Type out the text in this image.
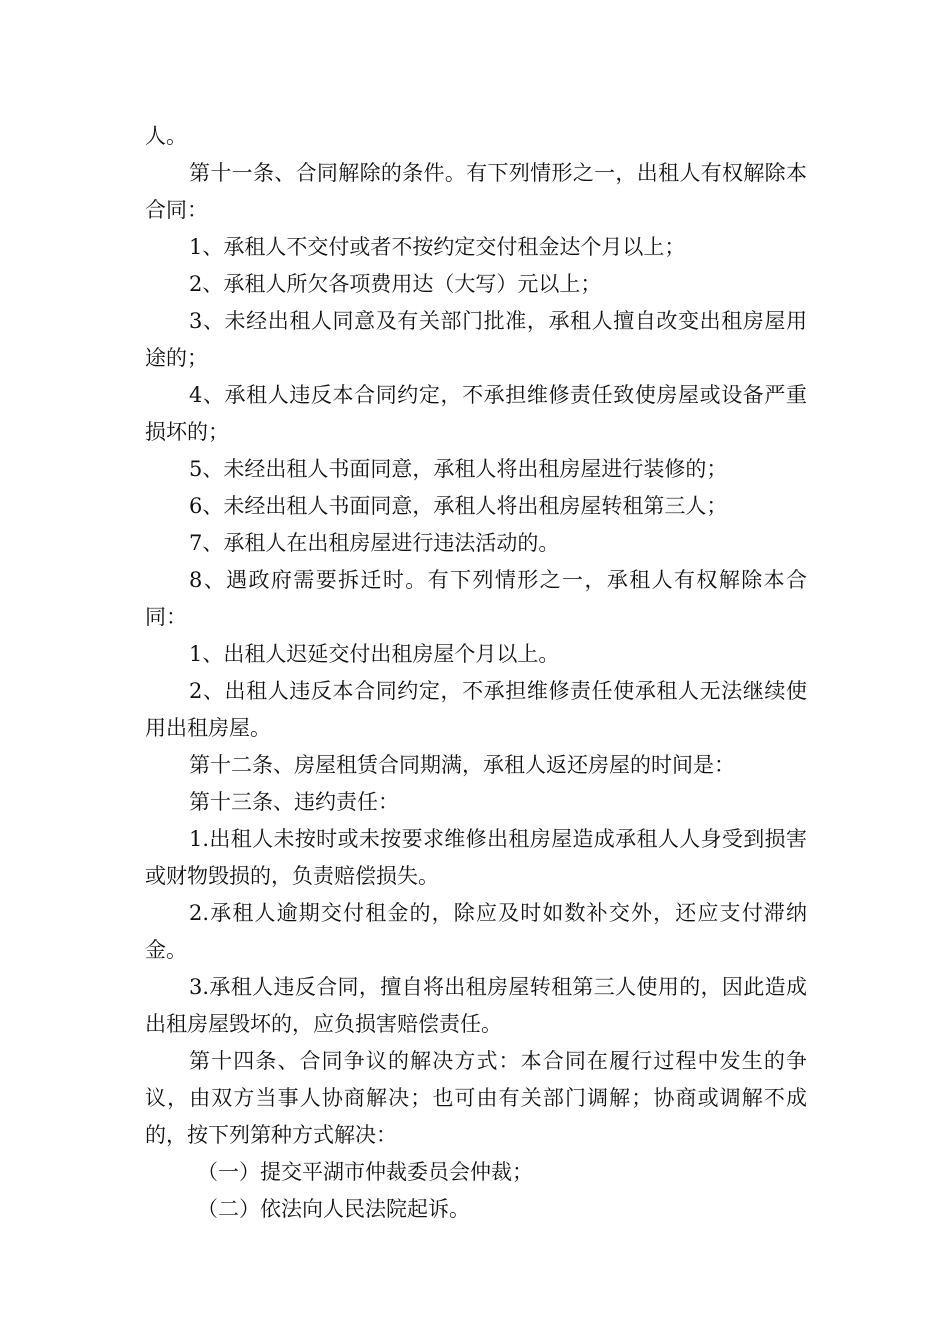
人。

第十一条、合同解除的条件。有下列情形之一，出租人有权解除本合同：

1、承租人不交付或者不按约定交付租金达个月以上；

2、承租人所欠各项费用达（大写）元以上；

3、未经出租人同意及有关部门批准，承租人擅自改变出租房屋用途的；

4、承租人违反本合同约定，不承担维修责任致使房屋或设备严重损坏的；

5、未经出租人书面同意，承租人将出租房屋进行装修的；

6、未经出租人书面同意，承租人将出租房屋转租第三人；

7、承租人在出租房屋进行违法活动的。

8、遇政府需要拆迁时。有下列情形之一，承租人有权解除本合同：

1、出租人迟延交付出租房屋个月以上。

2、出租人违反本合同约定，不承担维修责任使承租人无法继续使用出租房屋。

第十二条、房屋租赁合同期满，承租人返还房屋的时间是：

第十三条、违约责任：

1.出租人未按时或未按要求维修出租房屋造成承租人人身受到损害或财物毁损的，负责赔偿损失。

2.承租人逾期交付租金的，除应及时如数补交外，还应支付滞纳金。

3.承租人违反合同，擅自将出租房屋转租第三人使用的，因此造成出租房屋毁坏的，应负损害赔偿责任。

第十四条、合同争议的解决方式：本合同在履行过程中发生的争议，由双方当事人协商解决；也可由有关部门调解；协商或调解不成的，按下列第种方式解决：

（一）提交平湖市仲裁委员会仲裁；

（二）依法向人民法院起诉。
